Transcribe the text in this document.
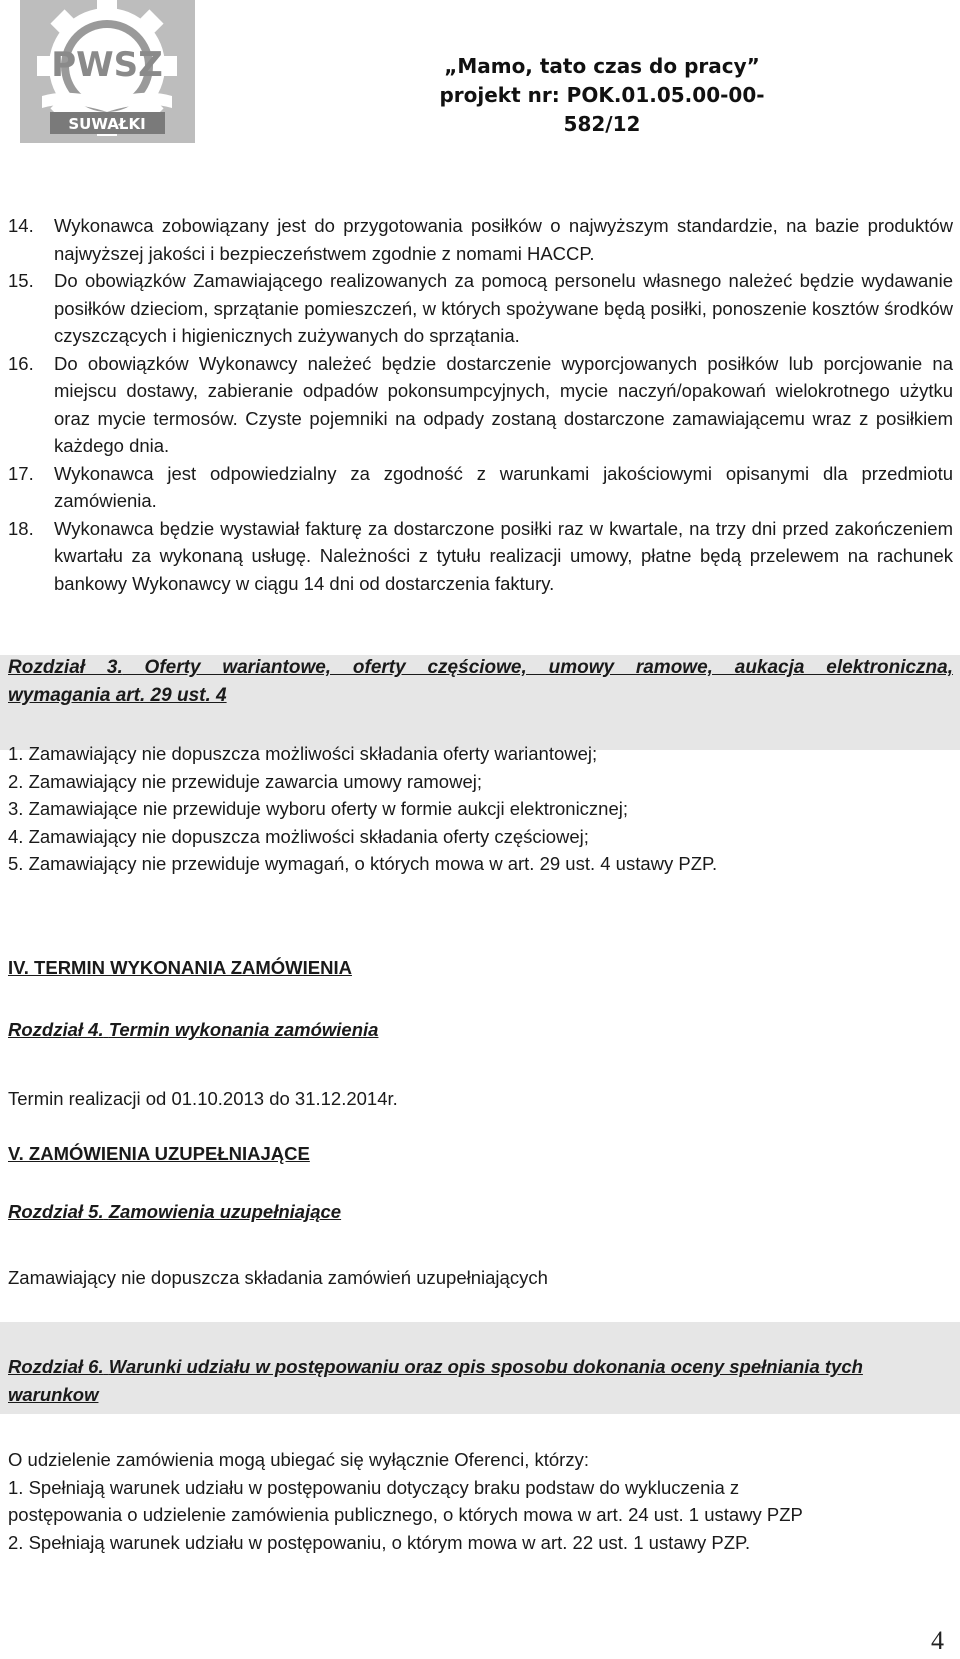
PWSZ
SUWAŁKI
„Mamo, tato czas do pracy”
projekt nr: POK.01.05.00-00-582/12

14. Wykonawca zobowiązany jest do przygotowania posiłków o najwyższym standardzie, na bazie produktów najwyższej jakości i bezpieczeństwem zgodnie z nomami HACCP.

15. Do obowiązków Zamawiającego realizowanych za pomocą personelu własnego należeć będzie wydawanie posiłków dzieciom, sprzątanie pomieszczeń, w których spożywane będą posiłki, ponoszenie kosztów środków czyszczących i higienicznych zużywanych do sprzątania.

16. Do obowiązków Wykonawcy należeć będzie dostarczenie wyporcjowanych posiłków lub porcjowanie na miejscu dostawy, zabieranie odpadów pokonsumpcyjnych, mycie naczyń/opakowań wielokrotnego użytku oraz mycie termosów. Czyste pojemniki na odpady zostaną dostarczone zamawiającemu wraz z posiłkiem każdego dnia.

17. Wykonawca jest odpowiedzialny za zgodność z warunkami jakościowymi opisanymi dla przedmiotu zamówienia.

18. Wykonawca będzie wystawiał fakturę za dostarczone posiłki raz w kwartale, na trzy dni przed zakończeniem kwartału za wykonaną usługę. Należności z tytułu realizacji umowy, płatne będą przelewem na rachunek bankowy Wykonawcy w ciągu 14 dni od dostarczenia faktury.

Rozdział 3. Oferty wariantowe, oferty częściowe, umowy ramowe, aukacja elektroniczna,
wymagania art. 29 ust. 4
1. Zamawiający nie dopuszcza możliwości składania oferty wariantowej;
2. Zamawiający nie przewiduje zawarcia umowy ramowej;
3. Zamawiające nie przewiduje wyboru oferty w formie aukcji elektronicznej;
4. Zamawiający nie dopuszcza możliwości składania oferty częściowej;
5. Zamawiający nie przewiduje wymagań, o których mowa w art. 29 ust. 4 ustawy PZP.
IV. TERMIN WYKONANIA ZAMÓWIENIA
Rozdział 4. Termin wykonania zamówienia
Termin realizacji od 01.10.2013 do 31.12.2014r.
V. ZAMÓWIENIA UZUPEŁNIAJĄCE
Rozdział 5. Zamowienia uzupełniające
Zamawiający nie dopuszcza składania zamówień uzupełniających
Rozdział 6. Warunki udziału w postępowaniu oraz opis sposobu dokonania oceny spełniania tych
warunkow
O udzielenie zamówienia mogą ubiegać się wyłącznie Oferenci, którzy:
1. Spełniają warunek udziału w postępowaniu dotyczący braku podstaw do wykluczenia z
postępowania o udzielenie zamówienia publicznego, o których mowa w art. 24 ust. 1 ustawy PZP
2. Spełniają warunek udziału w postępowaniu, o którym mowa w art. 22 ust. 1 ustawy PZP.
4
